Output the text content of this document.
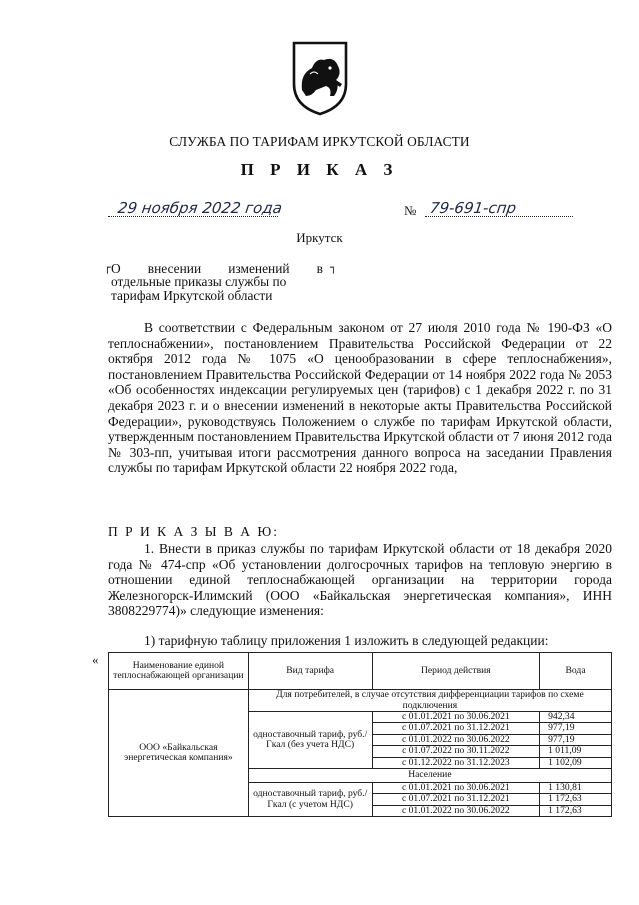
СЛУЖБА ПО ТАРИФАМ ИРКУТСКОЙ ОБЛАСТИ
П Р И К А З
29 ноября 2022 года	№ 79-691-спр
Иркутск
┌	┐
О внесении изменений в
отдельные приказы службы по
тарифам Иркутской области
В соответствии с Федеральным законом от 27 июля 2010 года № 190-ФЗ «О теплоснабжении», постановлением Правительства Российской Федерации от 22 октября 2012 года № 1075 «О ценообразовании в сфере теплоснабжения», постановлением Правительства Российской Федерации от 14 ноября 2022 года № 2053 «Об особенностях индексации регулируемых цен (тарифов) с 1 декабря 2022 г. по 31 декабря 2023 г. и о внесении изменений в некоторые акты Правительства Российской Федерации», руководствуясь Положением о службе по тарифам Иркутской области, утвержденным постановлением Правительства Иркутской области от 7 июня 2012 года № 303-пп, учитывая итоги рассмотрения данного вопроса на заседании Правления службы по тарифам Иркутской области 22 ноября 2022 года,
П Р И К А З Ы В А Ю:
1. Внести в приказ службы по тарифам Иркутской области от 18 декабря 2020 года № 474-спр «Об установлении долгосрочных тарифов на тепловую энергию в отношении единой теплоснабжающей организации на территории города Железногорск-Илимский (ООО «Байкальская энергетическая компания», ИНН 3808229774)» следующие изменения:
1) тарифную таблицу приложения 1 изложить в следующей редакции:
«	Наименование единой теплоснабжающей организации	Вид тарифа	Период действия	Вода
ООО «Байкальская энергетическая компания»	Для потребителей, в случае отсутствия дифференциации тарифов по схеме подключения		
	одноставочный тариф, руб./Гкал (без учета НДС)	с 01.01.2021 по 30.06.2021	942,34
		с 01.07.2021 по 31.12.2021	977,19
		с 01.01.2022 по 30.06.2022	977,19
		с 01.07.2022 по 30.11.2022	1 011,09
		с 01.12.2022 по 31.12.2023	1 102,09
	Население		
	одноставочный тариф, руб./Гкал (с учетом НДС)	с 01.01.2021 по 30.06.2021	1 130,81
		с 01.07.2021 по 31.12.2021	1 172,63
		с 01.01.2022 по 30.06.2022	1 172,63
